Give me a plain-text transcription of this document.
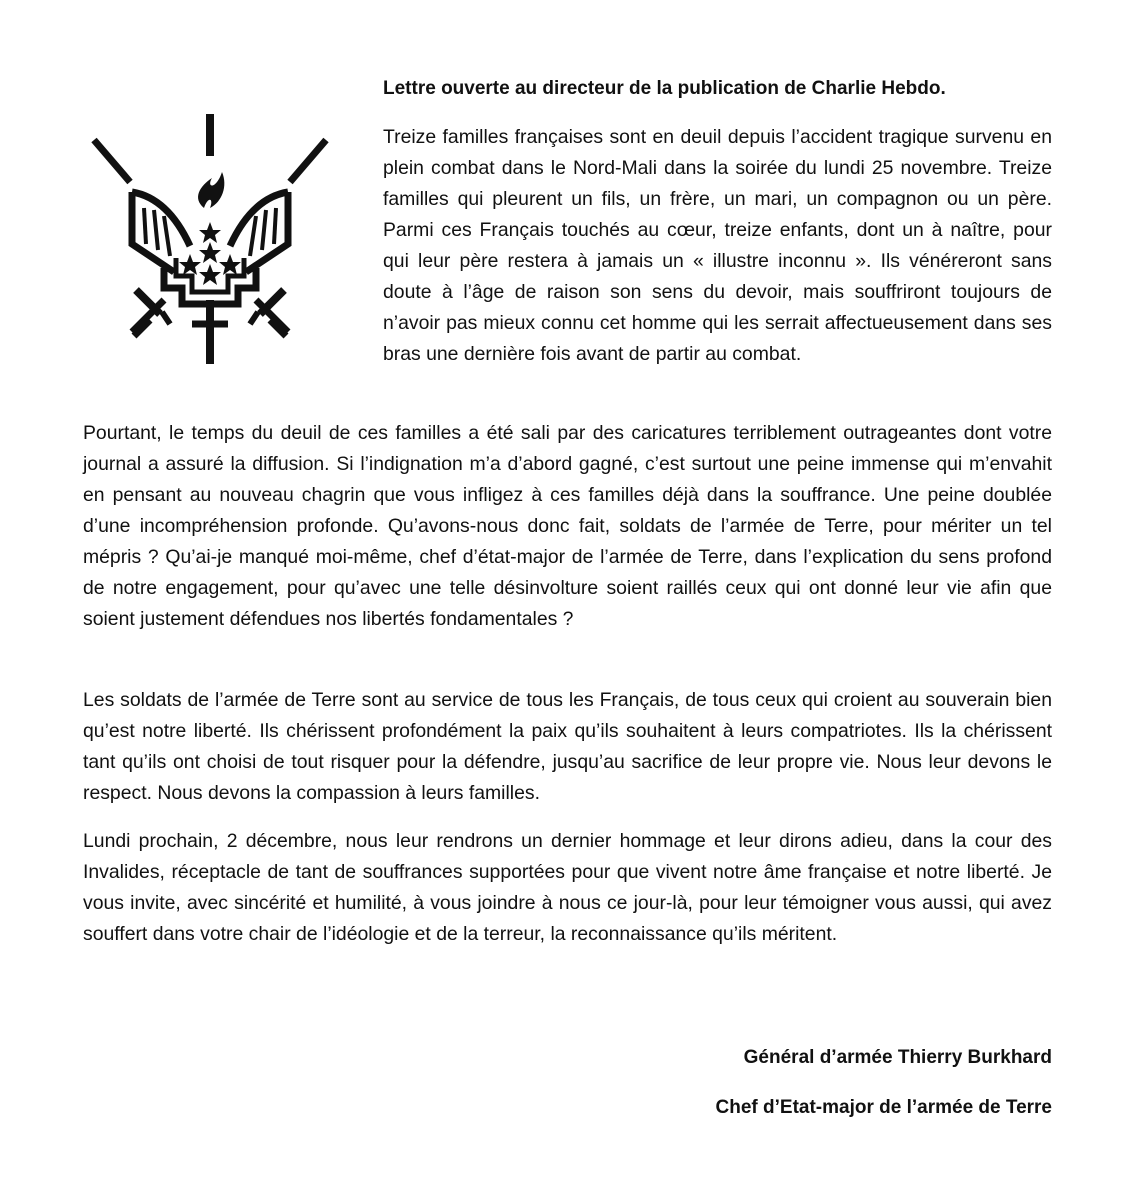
Lettre ouverte au directeur de la publication de Charlie Hebdo.

Treize familles françaises sont en deuil depuis l’accident tragique survenu en plein combat dans le Nord-Mali dans la soirée du lundi 25 novembre. Treize familles qui pleurent un fils, un frère, un mari, un compagnon ou un père. Parmi ces Français touchés au cœur, treize enfants, dont un à naître, pour qui leur père restera à jamais un « illustre inconnu ». Ils vénéreront sans doute à l’âge de raison son sens du devoir, mais souffriront toujours de n’avoir pas mieux connu cet homme qui les serrait affectueusement dans ses bras une dernière fois avant de partir au combat.

Pourtant, le temps du deuil de ces familles a été sali par des caricatures terriblement outrageantes dont votre journal a assuré la diffusion. Si l’indignation m’a d’abord gagné, c’est surtout une peine immense qui m’envahit en pensant au nouveau chagrin que vous infligez à ces familles déjà dans la souffrance. Une peine doublée d’une incompréhension profonde. Qu’avons-nous donc fait, soldats de l’armée de Terre, pour mériter un tel mépris ? Qu’ai-je manqué moi-même, chef d’état-major de l’armée de Terre, dans l’explication du sens profond de notre engagement, pour qu’avec une telle désinvolture soient raillés ceux qui ont donné leur vie afin que soient justement défendues nos libertés fondamentales ?

Les soldats de l’armée de Terre sont au service de tous les Français, de tous ceux qui croient au souverain bien qu’est notre liberté. Ils chérissent profondément la paix qu’ils souhaitent à leurs compatriotes. Ils la chérissent tant qu’ils ont choisi de tout risquer pour la défendre, jusqu’au sacrifice de leur propre vie. Nous leur devons le respect. Nous devons la compassion à leurs familles.

Lundi prochain, 2 décembre, nous leur rendrons un dernier hommage et leur dirons adieu, dans la cour des Invalides, réceptacle de tant de souffrances supportées pour que vivent notre âme française et notre liberté. Je vous invite, avec sincérité et humilité, à vous joindre à nous ce jour-là, pour leur témoigner vous aussi, qui avez souffert dans votre chair de l’idéologie et de la terreur, la reconnaissance qu’ils méritent.

Général d’armée Thierry Burkhard
Chef d’Etat-major de l’armée de Terre
